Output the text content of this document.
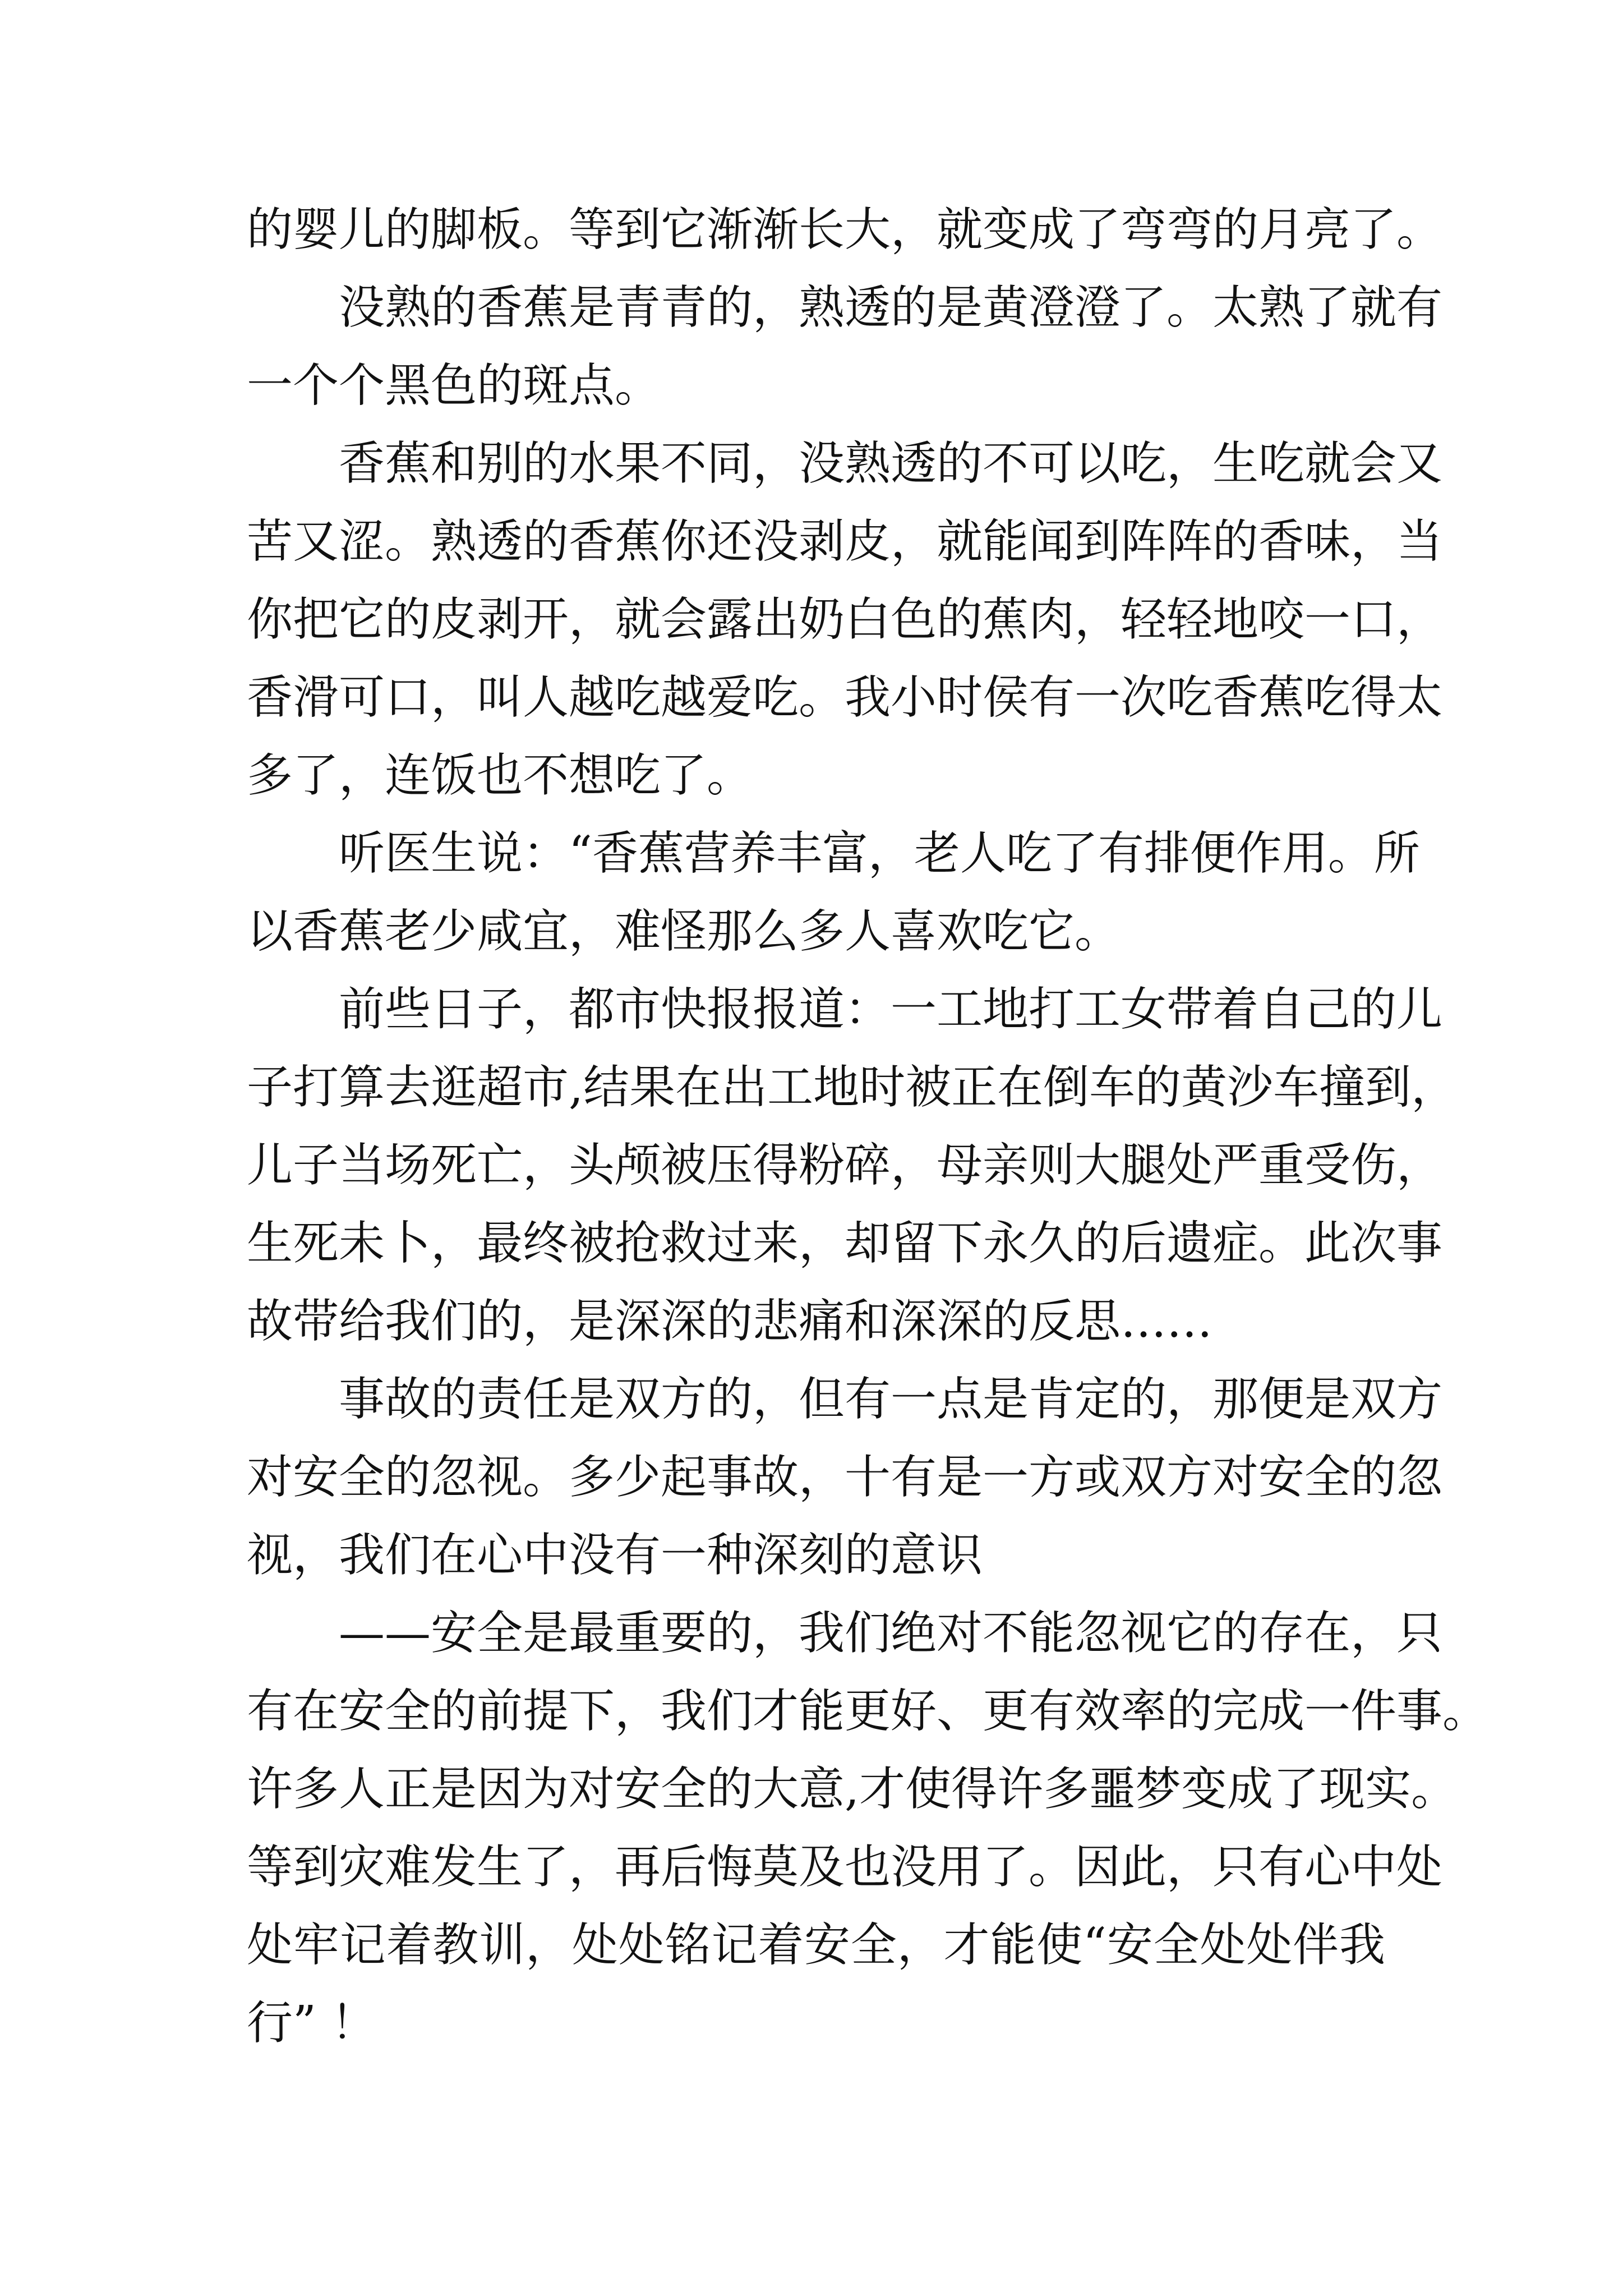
的婴儿的脚板。等到它渐渐长大，就变成了弯弯的月亮了。
没熟的香蕉是青青的，熟透的是黄澄澄了。太熟了就有
一个个黑色的斑点。
香蕉和别的水果不同，没熟透的不可以吃，生吃就会又
苦又涩。熟透的香蕉你还没剥皮，就能闻到阵阵的香味，当
你把它的皮剥开，就会露出奶白色的蕉肉，轻轻地咬一口，
香滑可口，叫人越吃越爱吃。我小时侯有一次吃香蕉吃得太
多了，连饭也不想吃了。
听医生说：“香蕉营养丰富，老人吃了有排便作用。所
以香蕉老少咸宜，难怪那么多人喜欢吃它。
前些日子，都市快报报道：一工地打工女带着自己的儿
子打算去逛超市,结果在出工地时被正在倒车的黄沙车撞到，
儿子当场死亡，头颅被压得粉碎，母亲则大腿处严重受伤，
生死未卜，最终被抢救过来，却留下永久的后遗症。此次事
故带给我们的，是深深的悲痛和深深的反思……
事故的责任是双方的，但有一点是肯定的，那便是双方
对安全的忽视。多少起事故，十有是一方或双方对安全的忽
视，我们在心中没有一种深刻的意识
——安全是最重要的，我们绝对不能忽视它的存在，只
有在安全的前提下，我们才能更好、更有效率的完成一件事。
许多人正是因为对安全的大意,才使得许多噩梦变成了现实。
等到灾难发生了，再后悔莫及也没用了。因此，只有心中处
处牢记着教训，处处铭记着安全，才能使“安全处处伴我
行” ！
